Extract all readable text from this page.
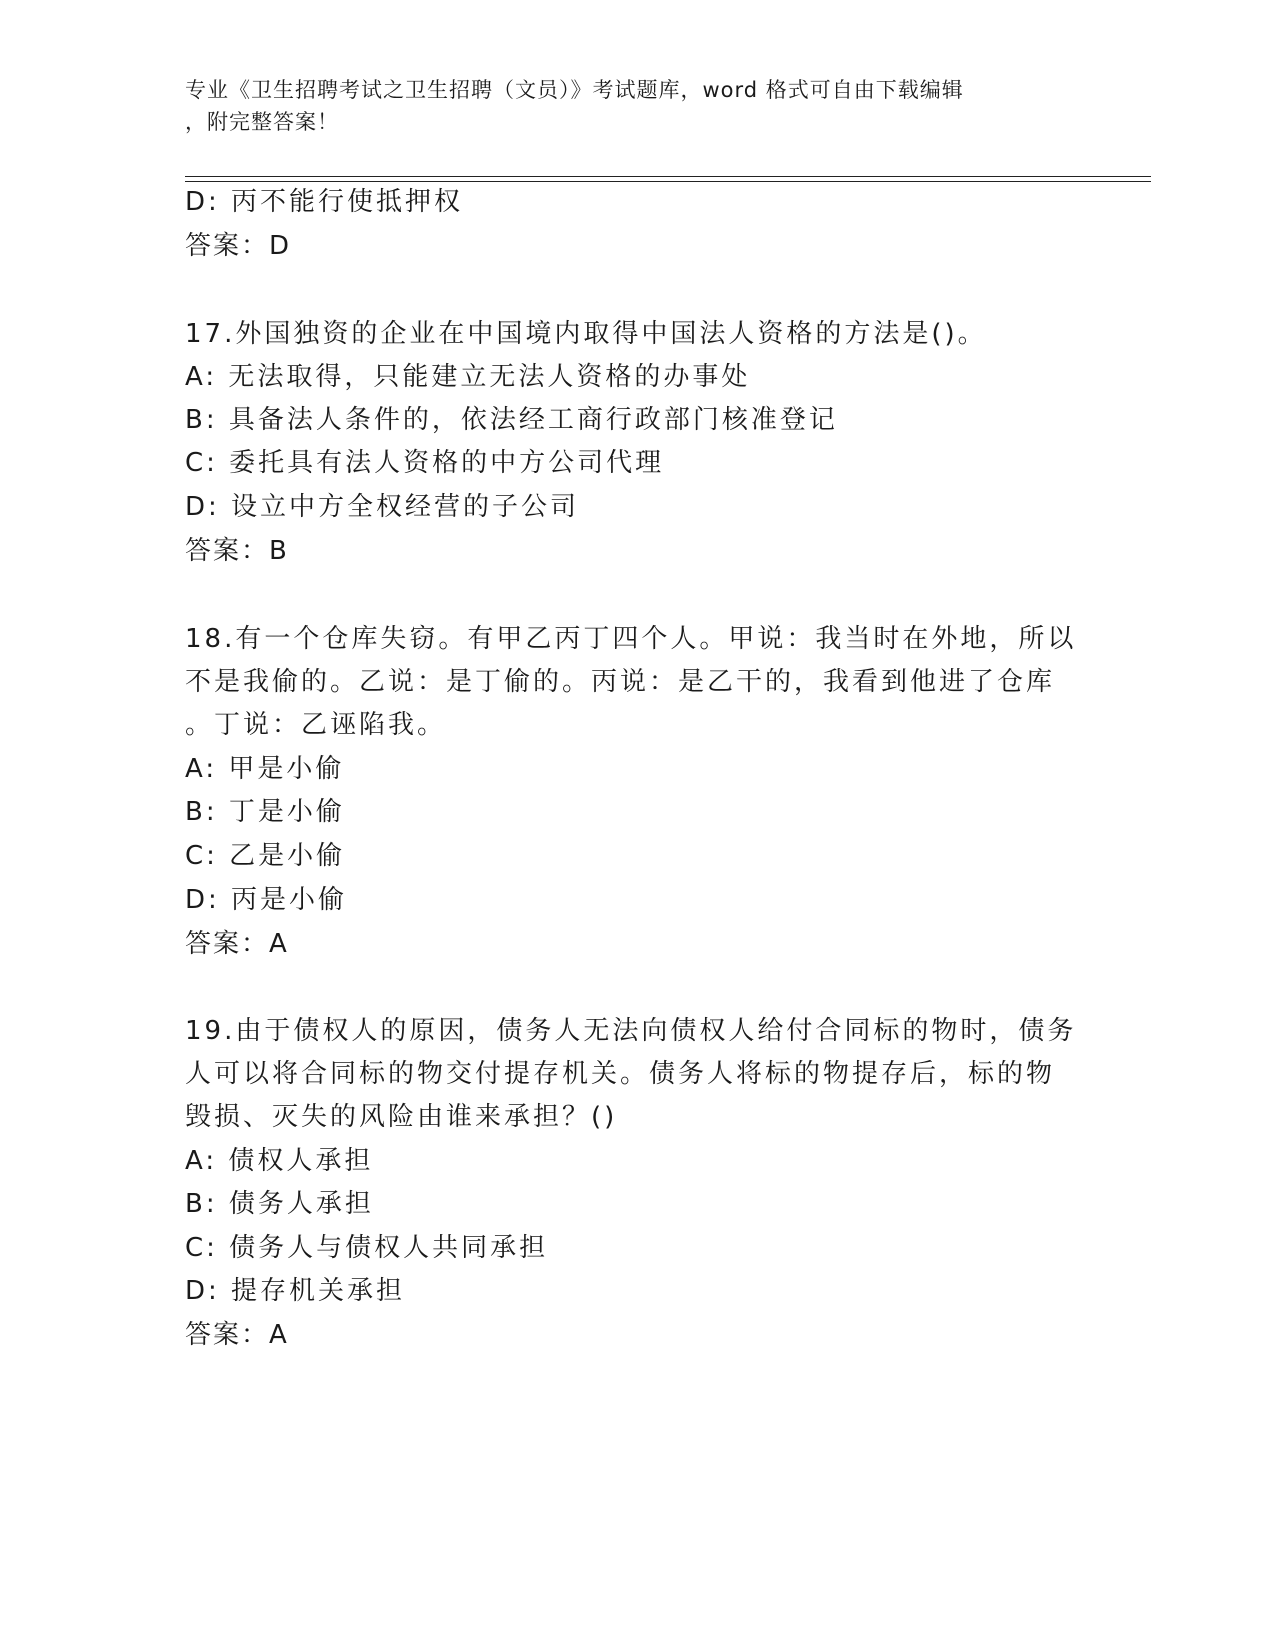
专业《卫生招聘考试之卫生招聘（文员）》考试题库，word 格式可自由下载编辑
，附完整答案！

D: 丙不能行使抵押权

答案：D

17.外国独资的企业在中国境内取得中国法人资格的方法是()。

A: 无法取得，只能建立无法人资格的办事处

B: 具备法人条件的，依法经工商行政部门核准登记

C: 委托具有法人资格的中方公司代理

D: 设立中方全权经营的子公司

答案：B

18.有一个仓库失窃。有甲乙丙丁四个人。甲说：我当时在外地，所以

不是我偷的。乙说：是丁偷的。丙说：是乙干的，我看到他进了仓库

。丁说：乙诬陷我。

A: 甲是小偷

B: 丁是小偷

C: 乙是小偷

D: 丙是小偷

答案：A

19.由于债权人的原因，债务人无法向债权人给付合同标的物时，债务

人可以将合同标的物交付提存机关。债务人将标的物提存后，标的物

毁损、灭失的风险由谁来承担？()

A: 债权人承担

B: 债务人承担

C: 债务人与债权人共同承担

D: 提存机关承担

答案：A
